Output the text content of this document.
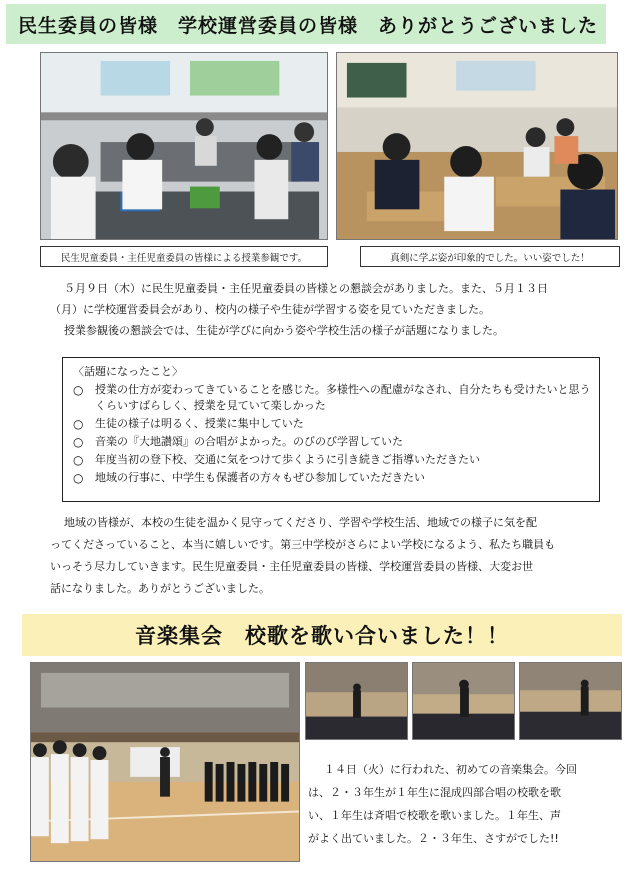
民生委員の皆様　学校運営委員の皆様　ありがとうございました
民生児童委員・主任児童委員の皆様による授業参観です。	真剣に学ぶ姿が印象的でした。いい姿でした！

５月９日（木）に民生児童委員・主任児童委員の皆様との懇談会がありました。また、５月１３日

（月）に学校運営委員会があり、校内の様子や生徒が学習する姿を見ていただきました。

授業参観後の懇談会では、生徒が学びに向かう姿や学校生活の様子が話題になりました。

〈話題になったこと〉
○	授業の仕方が変わってきていることを感じた。多様性への配慮がなされ、自分たちも受けたいと思うくらいすばらしく、授業を見ていて楽しかった
○	生徒の様子は明るく、授業に集中していた
○	音楽の『大地讃頌』の合唱がよかった。のびのび学習していた
○	年度当初の登下校、交通に気をつけて歩くように引き続きご指導いただきたい
○	地域の行事に、中学生も保護者の方々もぜひ参加していただきたい

地域の皆様が、本校の生徒を温かく見守ってくださり、学習や学校生活、地域での様子に気を配

ってくださっていること、本当に嬉しいです。第三中学校がさらによい学校になるよう、私たち職員も

いっそう尽力していきます。民生児童委員・主任児童委員の皆様、学校運営委員の皆様、大変お世

話になりました。ありがとうございました。

音楽集会　校歌を歌い合いました！！

１４日（火）に行われた、初めての音楽集会。今回

は、２・３年生が１年生に混成四部合唱の校歌を歌

い、１年生は斉唱で校歌を歌いました。１年生、声

がよく出ていました。２・３年生、さすがでした!!
